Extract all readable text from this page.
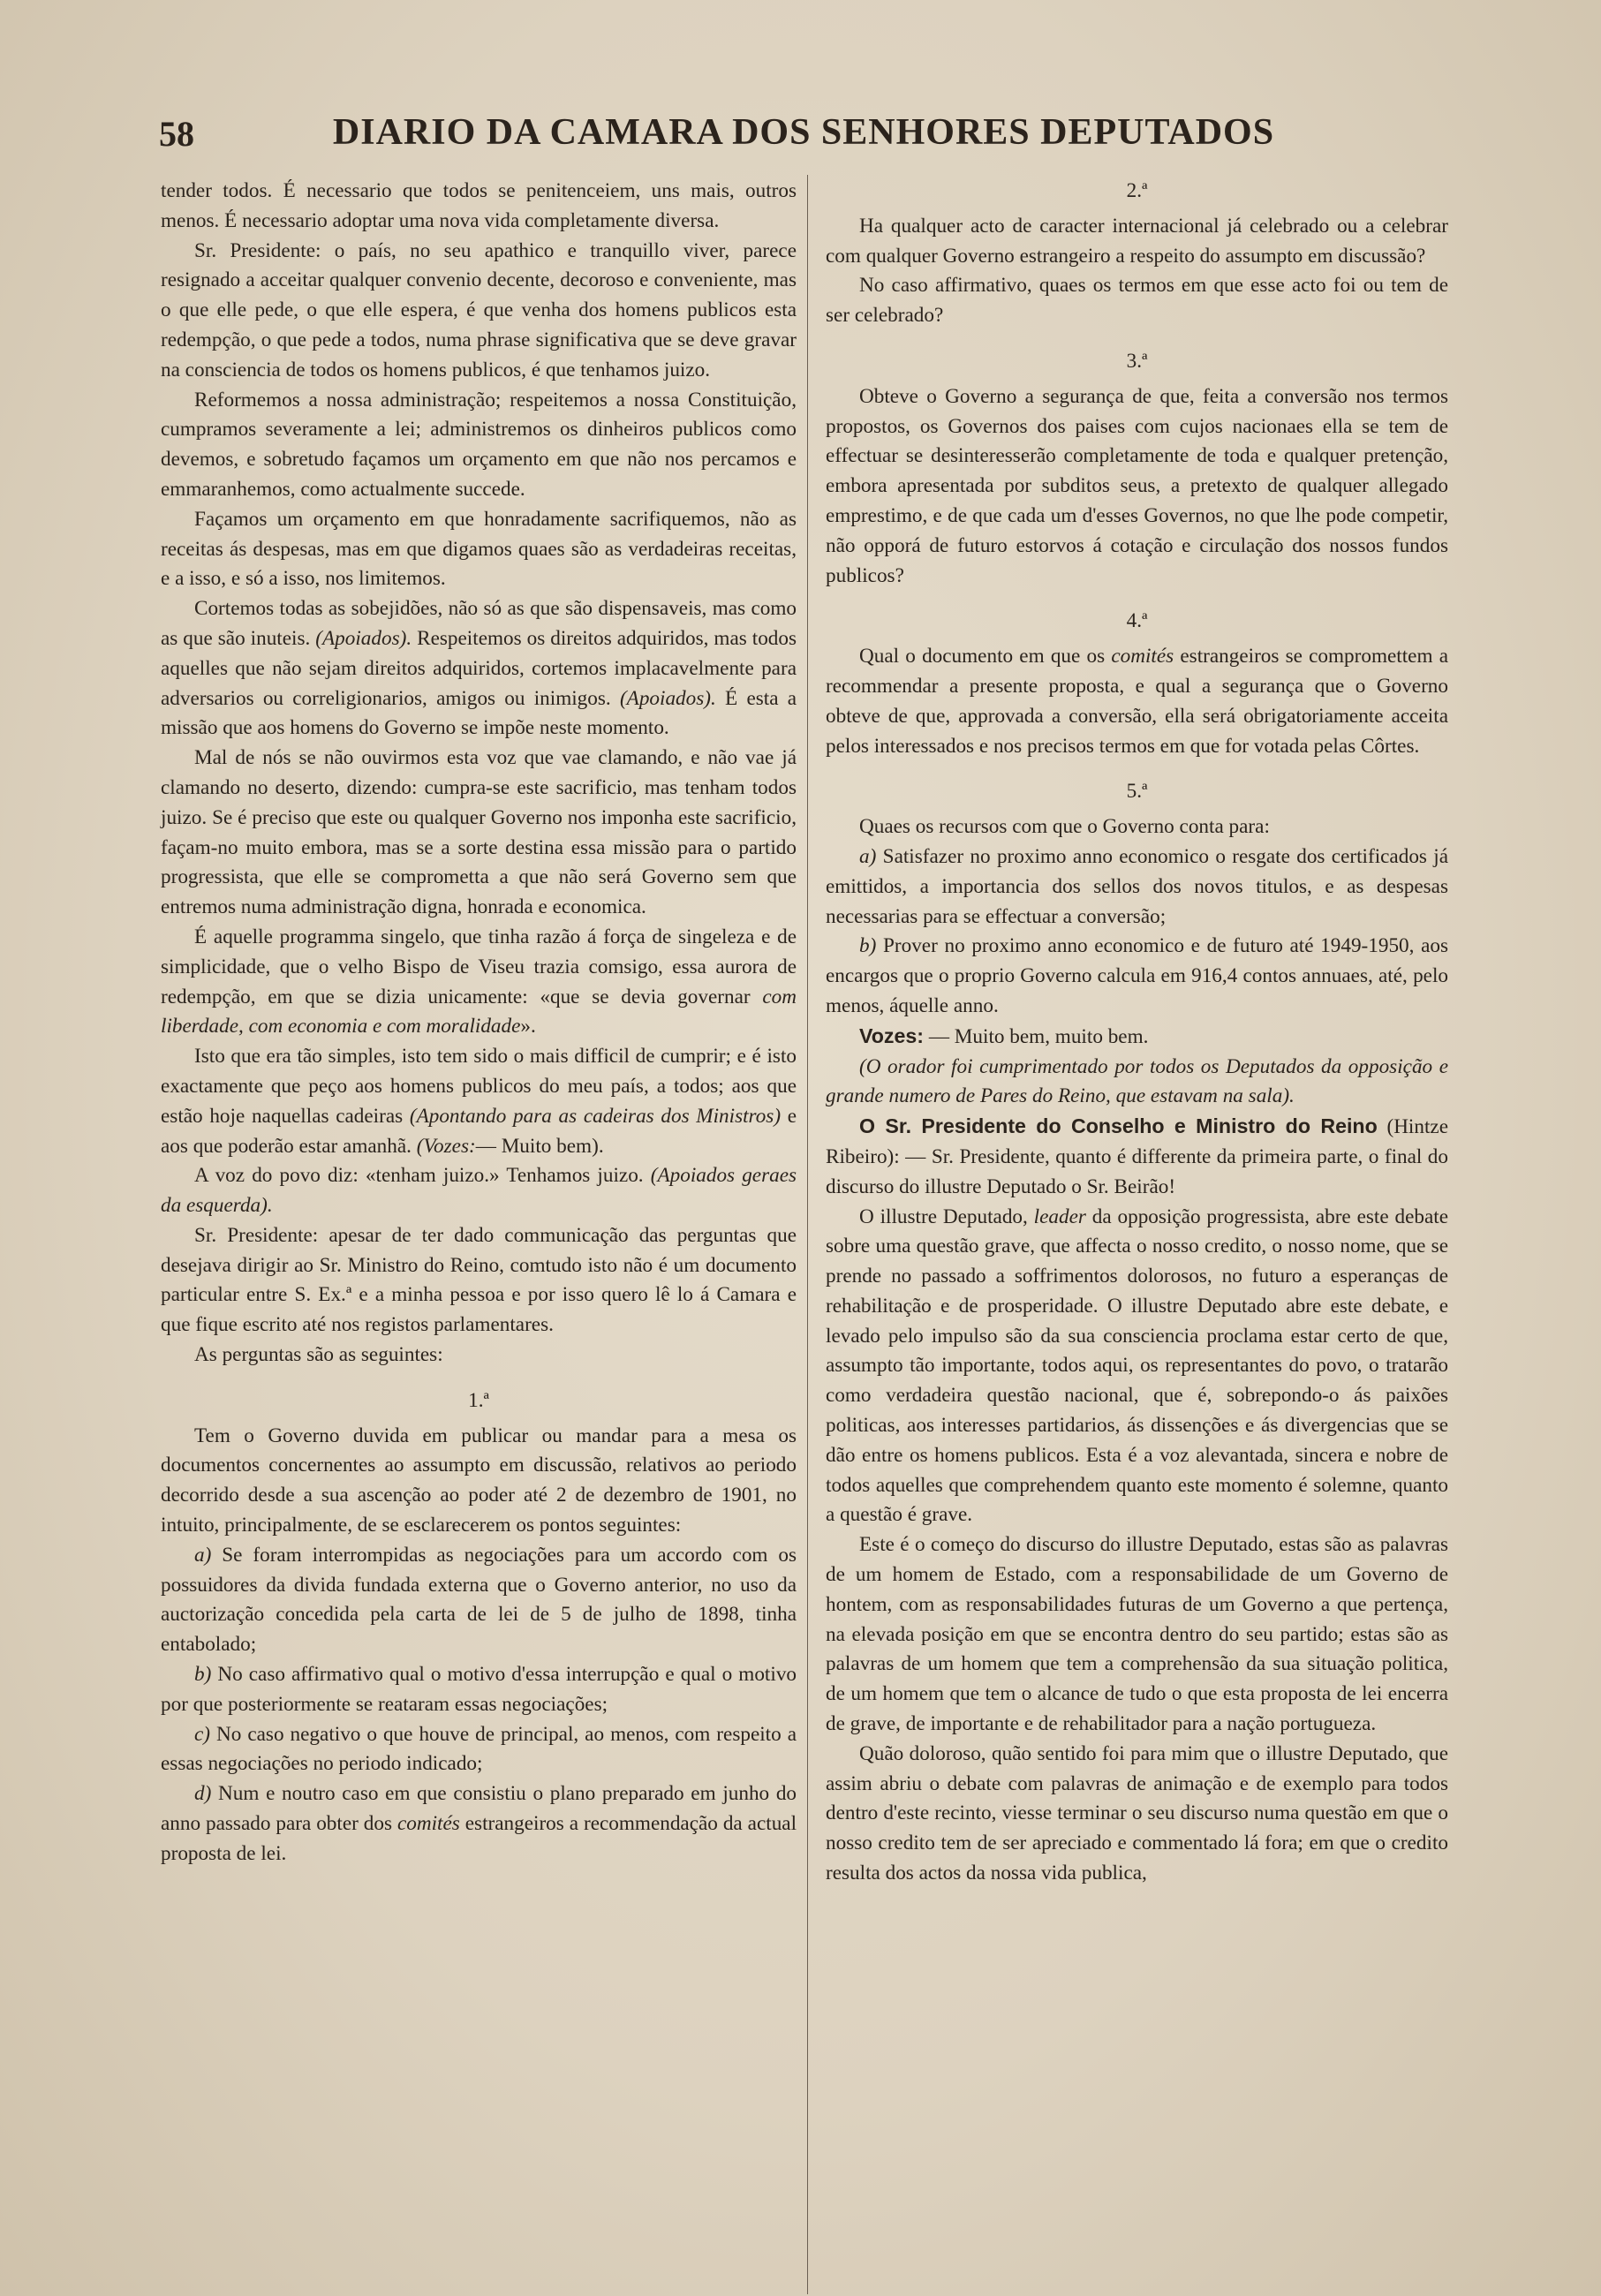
58	DIARIO DA CAMARA DOS SENHORES DEPUTADOS

tender todos. É necessario que todos se penitenceiem, uns mais, outros menos. É necessario adoptar uma nova vida completamente diversa.

Sr. Presidente: o país, no seu apathico e tranquillo viver, parece resignado a acceitar qualquer convenio decente, decoroso e conveniente, mas o que elle pede, o que elle espera, é que venha dos homens publicos esta redempção, o que pede a todos, numa phrase significativa que se deve gravar na consciencia de todos os homens publicos, é que tenhamos juizo.

Reformemos a nossa administração; respeitemos a nossa Constituição, cumpramos severamente a lei; administremos os dinheiros publicos como devemos, e sobretudo façamos um orçamento em que não nos percamos e emmaranhemos, como actualmente succede.

Façamos um orçamento em que honradamente sacrifiquemos, não as receitas ás despesas, mas em que digamos quaes são as verdadeiras receitas, e a isso, e só a isso, nos limitemos.

Cortemos todas as sobejidões, não só as que são dispensaveis, mas como as que são inuteis. (Apoiados). Respeitemos os direitos adquiridos, mas todos aquelles que não sejam direitos adquiridos, cortemos implacavelmente para adversarios ou correligionarios, amigos ou inimigos. (Apoiados). É esta a missão que aos homens do Governo se impõe neste momento.

Mal de nós se não ouvirmos esta voz que vae clamando, e não vae já clamando no deserto, dizendo: cumpra-se este sacrificio, mas tenham todos juizo. Se é preciso que este ou qualquer Governo nos imponha este sacrificio, façam-no muito embora, mas se a sorte destina essa missão para o partido progressista, que elle se comprometta a que não será Governo sem que entremos numa administração digna, honrada e economica.

É aquelle programma singelo, que tinha razão á força de singeleza e de simplicidade, que o velho Bispo de Viseu trazia comsigo, essa aurora de redempção, em que se dizia unicamente: «que se devia governar com liberdade, com economia e com moralidade».

Isto que era tão simples, isto tem sido o mais difficil de cumprir; e é isto exactamente que peço aos homens publicos do meu país, a todos; aos que estão hoje naquellas cadeiras (Apontando para as cadeiras dos Ministros) e aos que poderão estar amanhã. (Vozes:— Muito bem).

A voz do povo diz: «tenham juizo.» Tenhamos juizo. (Apoiados geraes da esquerda).

Sr. Presidente: apesar de ter dado communicação das perguntas que desejava dirigir ao Sr. Ministro do Reino, comtudo isto não é um documento particular entre S. Ex.ª e a minha pessoa e por isso quero lê lo á Camara e que fique escrito até nos registos parlamentares.

As perguntas são as seguintes:

1.ª

Tem o Governo duvida em publicar ou mandar para a mesa os documentos concernentes ao assumpto em discussão, relativos ao periodo decorrido desde a sua ascenção ao poder até 2 de dezembro de 1901, no intuito, principalmente, de se esclarecerem os pontos seguintes:

a) Se foram interrompidas as negociações para um accordo com os possuidores da divida fundada externa que o Governo anterior, no uso da auctorização concedida pela carta de lei de 5 de julho de 1898, tinha entabolado;

b) No caso affirmativo qual o motivo d'essa interrupção e qual o motivo por que posteriormente se reataram essas negociações;

c) No caso negativo o que houve de principal, ao menos, com respeito a essas negociações no periodo indicado;

d) Num e noutro caso em que consistiu o plano preparado em junho do anno passado para obter dos comités estrangeiros a recommendação da actual proposta de lei.

2.ª

Ha qualquer acto de caracter internacional já celebrado ou a celebrar com qualquer Governo estrangeiro a respeito do assumpto em discussão?

No caso affirmativo, quaes os termos em que esse acto foi ou tem de ser celebrado?

3.ª

Obteve o Governo a segurança de que, feita a conversão nos termos propostos, os Governos dos paises com cujos nacionaes ella se tem de effectuar se desinteresserão completamente de toda e qualquer pretenção, embora apresentada por subditos seus, a pretexto de qualquer allegado emprestimo, e de que cada um d'esses Governos, no que lhe pode competir, não opporá de futuro estorvos á cotação e circulação dos nossos fundos publicos?

4.ª

Qual o documento em que os comités estrangeiros se compromettem a recommendar a presente proposta, e qual a segurança que o Governo obteve de que, approvada a conversão, ella será obrigatoriamente acceita pelos interessados e nos precisos termos em que for votada pelas Côrtes.

5.ª

Quaes os recursos com que o Governo conta para:

a) Satisfazer no proximo anno economico o resgate dos certificados já emittidos, a importancia dos sellos dos novos titulos, e as despesas necessarias para se effectuar a conversão;

b) Prover no proximo anno economico e de futuro até 1949-1950, aos encargos que o proprio Governo calcula em 916,4 contos annuaes, até, pelo menos, áquelle anno.

Vozes: — Muito bem, muito bem.

(O orador foi cumprimentado por todos os Deputados da opposição e grande numero de Pares do Reino, que estavam na sala).

O Sr. Presidente do Conselho e Ministro do Reino (Hintze Ribeiro): — Sr. Presidente, quanto é differente da primeira parte, o final do discurso do illustre Deputado o Sr. Beirão!

O illustre Deputado, leader da opposição progressista, abre este debate sobre uma questão grave, que affecta o nosso credito, o nosso nome, que se prende no passado a soffrimentos dolorosos, no futuro a esperanças de rehabilitação e de prosperidade. O illustre Deputado abre este debate, e levado pelo impulso são da sua consciencia proclama estar certo de que, assumpto tão importante, todos aqui, os representantes do povo, o tratarão como verdadeira questão nacional, que é, sobrepondo-o ás paixões politicas, aos interesses partidarios, ás dissenções e ás divergencias que se dão entre os homens publicos. Esta é a voz alevantada, sincera e nobre de todos aquelles que comprehendem quanto este momento é solemne, quanto a questão é grave.

Este é o começo do discurso do illustre Deputado, estas são as palavras de um homem de Estado, com a responsabilidade de um Governo de hontem, com as responsabilidades futuras de um Governo a que pertença, na elevada posição em que se encontra dentro do seu partido; estas são as palavras de um homem que tem a comprehensão da sua situação politica, de um homem que tem o alcance de tudo o que esta proposta de lei encerra de grave, de importante e de rehabilitador para a nação portugueza.

Quão doloroso, quão sentido foi para mim que o illustre Deputado, que assim abriu o debate com palavras de animação e de exemplo para todos dentro d'este recinto, viesse terminar o seu discurso numa questão em que o nosso credito tem de ser apreciado e commentado lá fora; em que o credito resulta dos actos da nossa vida publica,
